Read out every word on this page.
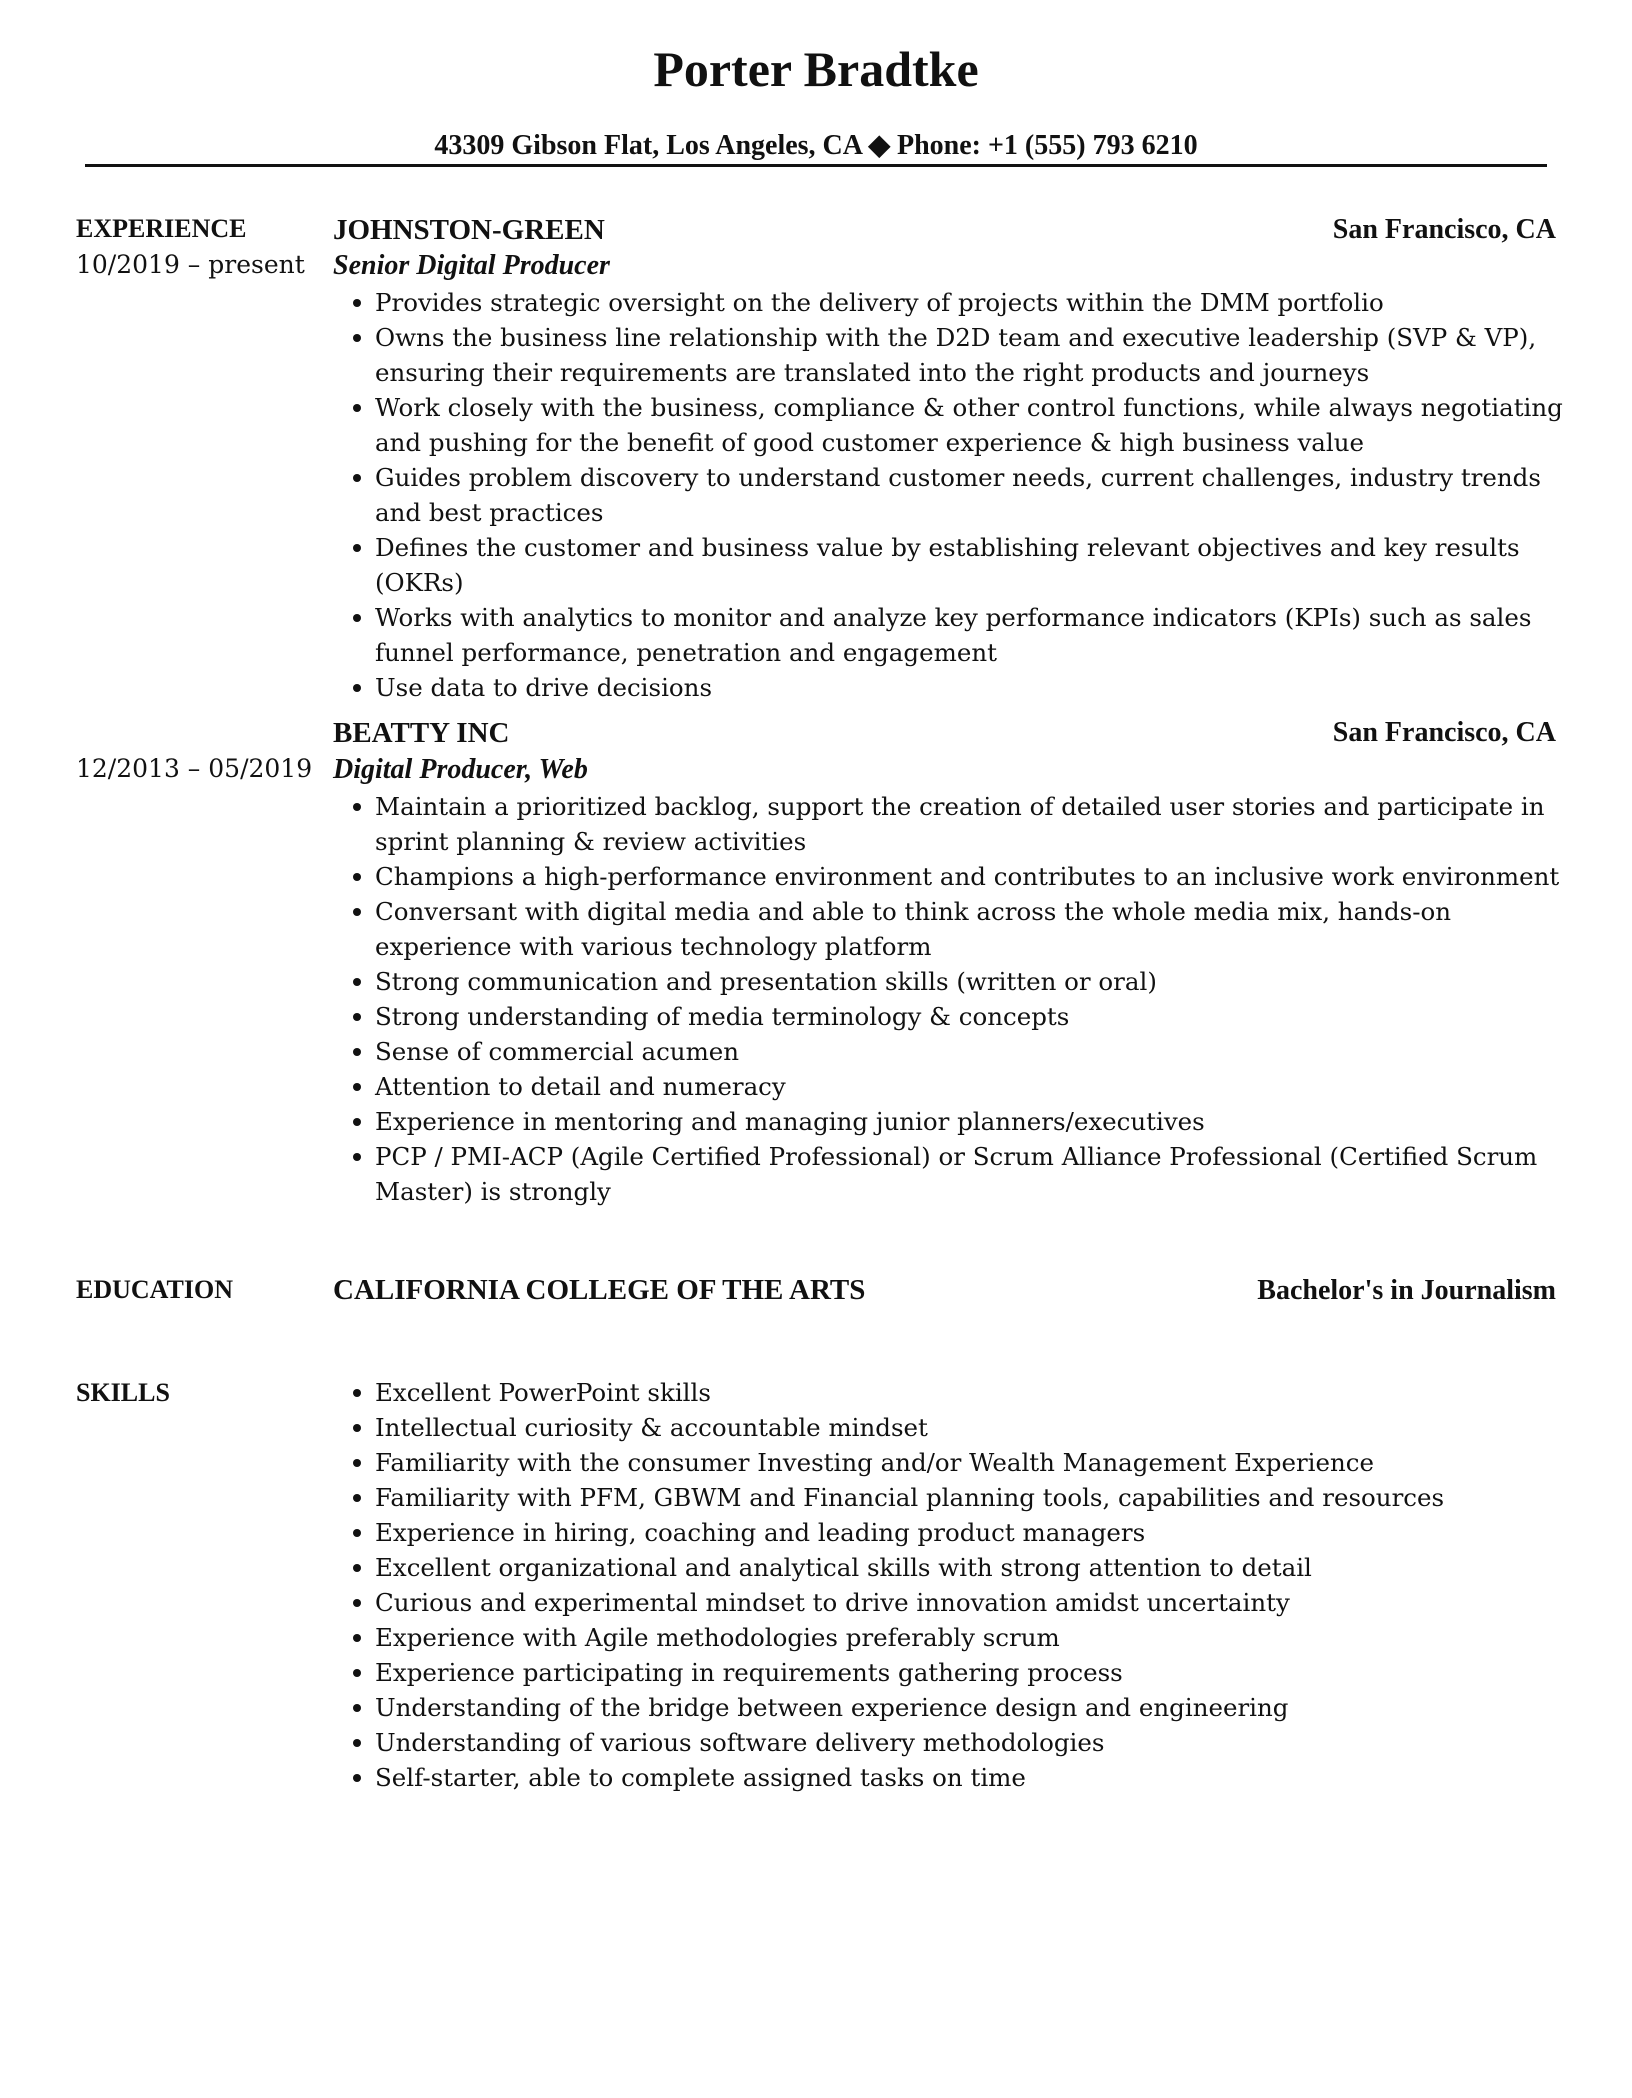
Porter Bradtke
43309 Gibson Flat, Los Angeles, CA ◆ Phone: +1 (555) 793 6210
EXPERIENCE	JOHNSTON-GREEN	San Francisco, CA
10/2019 – present Senior Digital Producer
Provides strategic oversight on the delivery of projects within the DMM portfolio
Owns the business line relationship with the D2D team and executive leadership (SVP & VP), ensuring their requirements are translated into the right products and journeys
Work closely with the business, compliance & other control functions, while always negotiating and pushing for the benefit of good customer experience & high business value
Guides problem discovery to understand customer needs, current challenges, industry trends and best practices
Defines the customer and business value by establishing relevant objectives and key results (OKRs)
Works with analytics to monitor and analyze key performance indicators (KPIs) such as sales funnel performance, penetration and engagement
Use data to drive decisions
BEATTY INC	San Francisco, CA
12/2013 – 05/2019 Digital Producer, Web
Maintain a prioritized backlog, support the creation of detailed user stories and participate in sprint planning & review activities
Champions a high-performance environment and contributes to an inclusive work environment
Conversant with digital media and able to think across the whole media mix, hands-on experience with various technology platform
Strong communication and presentation skills (written or oral)
Strong understanding of media terminology & concepts
Sense of commercial acumen
Attention to detail and numeracy
Experience in mentoring and managing junior planners/executives
PCP / PMI-ACP (Agile Certified Professional) or Scrum Alliance Professional (Certified Scrum Master) is strongly
EDUCATION	CALIFORNIA COLLEGE OF THE ARTS	Bachelor's in Journalism
SKILLS	Excellent PowerPoint skills
Intellectual curiosity & accountable mindset
Familiarity with the consumer Investing and/or Wealth Management Experience
Familiarity with PFM, GBWM and Financial planning tools, capabilities and resources
Experience in hiring, coaching and leading product managers
Excellent organizational and analytical skills with strong attention to detail
Curious and experimental mindset to drive innovation amidst uncertainty
Experience with Agile methodologies preferably scrum
Experience participating in requirements gathering process
Understanding of the bridge between experience design and engineering
Understanding of various software delivery methodologies
Self-starter, able to complete assigned tasks on time
